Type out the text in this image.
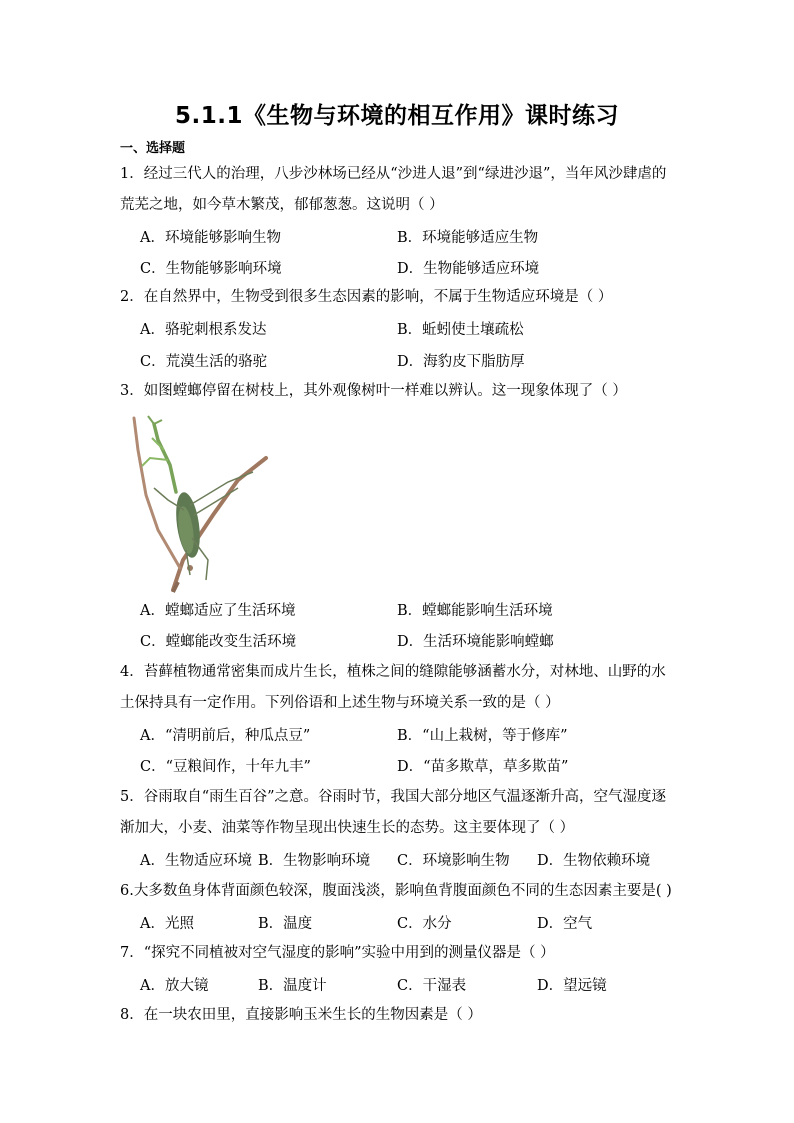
5.1.1《生物与环境的相互作用》课时练习
一、选择题
1．经过三代人的治理，八步沙林场已经从“沙进人退”到“绿进沙退”，当年风沙肆虐的荒芜之地，如今草木繁茂，郁郁葱葱。这说明（ ）
A．环境能够影响生物	B．环境能够适应生物
C．生物能够影响环境	D．生物能够适应环境
2．在自然界中，生物受到很多生态因素的影响，不属于生物适应环境是（ ）
A．骆驼刺根系发达	B．蚯蚓使土壤疏松
C．荒漠生活的骆驼	D．海豹皮下脂肪厚
3．如图螳螂停留在树枝上，其外观像树叶一样难以辨认。这一现象体现了（ ）
A．螳螂适应了生活环境	B．螳螂能影响生活环境
C．螳螂能改变生活环境	D．生活环境能影响螳螂
4．苔藓植物通常密集而成片生长，植株之间的缝隙能够涵蓄水分，对林地、山野的水土保持具有一定作用。下列俗语和上述生物与环境关系一致的是（ ）
A．“清明前后，种瓜点豆”	B．“山上栽树，等于修库”
C．“豆粮间作，十年九丰”	D．“苗多欺草，草多欺苗”
5．谷雨取自“雨生百谷”之意。谷雨时节，我国大部分地区气温逐渐升高，空气湿度逐渐加大，小麦、油菜等作物呈现出快速生长的态势。这主要体现了（ ）
A．生物适应环境 B．生物影响环境 C．环境影响生物 D．生物依赖环境
6.大多数鱼身体背面颜色较深，腹面浅淡，影响鱼背腹面颜色不同的生态因素主要是( )
A．光照	B．温度	C．水分	D．空气
7．“探究不同植被对空气湿度的影响”实验中用到的测量仪器是（ ）
A．放大镜	B．温度计	C．干湿表	D．望远镜
8．在一块农田里，直接影响玉米生长的生物因素是（ ）
